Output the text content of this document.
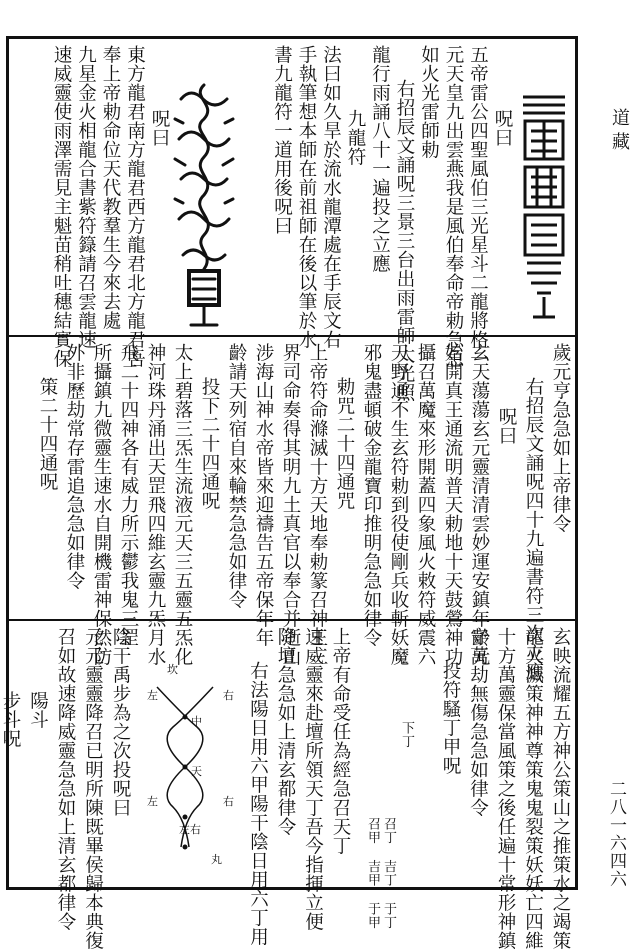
道藏
二八一六四六
呪曰
五帝雷公四聖風伯三光星斗二龍將格一
元天皇九出雲燕我是風伯奉命帝勅急急
如火光雷師勅
右招辰文誦呪三景三台出雨雷師大光照
龍行雨誦八十一遍投之立應
九龍符
法曰如久旱於流水龍潭處在手辰文右
手執筆想本師在前祖師在後以筆於水
書九龍符一道用後呪曰
呪曰
東方龍君南方龍君西方龍君北方龍君吾
奉上帝勅命位天代教羣生今來去處
九星金火相龍合書紫符籙請召雲龍速
速威靈使雨澤需見主魁苗稍吐穗結實保
歲元亨急急如上帝律令
右招辰文誦呪四十九遍書符三次立應
呪曰
玄天蕩蕩玄元靈清清雲妙運安鎮年齡元
始開真王通流明普天勅地十天鼓鶯神功
攝召萬魔來形開蓋四象風火敕符威震六
天野通不生玄符勅到役使剛兵收斬妖魔
邪鬼盡頓破金龍寶印推明急急如律令
勅咒二十四通咒
上帝符命滌滅十方天地奉勅篆召神王三
界司命奏得其明九土真官以奉合并逝山
涉海山神水帝皆來迎禱告五帝保年年
齡請天列宿自來輪禁急急如律令
投下二十四通呪
太上碧落三炁生流液元天三五靈五炁化
神河珠丹涌出天罡飛四維玄靈九炁月水
飛二十四神各有威力所示鬱我鬼三罡
所攝鎮九微靈生速水自開機雷神保然防
外非歷劫常存雷追急急如律令
策二十四通呪
玄映流耀五方神公策山之推策水之竭策
龍火滅策神神尊策鬼鬼裂策妖妖亡四維
十方萬靈保當風策之後任遍十常形神鎮
守萬劫無傷急急如律令
投符騷丁甲呪
上帝有命受任為經急召天丁
速威靈來赴壇所領天丁吾今指揮立便
降壇急急如上清玄都律令
右法陽日用六甲陽干陰日用六丁用
陰干禹步為之次投呪曰
元元靈靈降召已明所陳既畢侯歸本典復
召如故速降威靈急急如上清玄都律令
陽斗
步斗呪	下丁
召丁 吉丁 于丁
召甲 吉甲 于甲
坎
左	右
中
天
左	右
左右
丸
